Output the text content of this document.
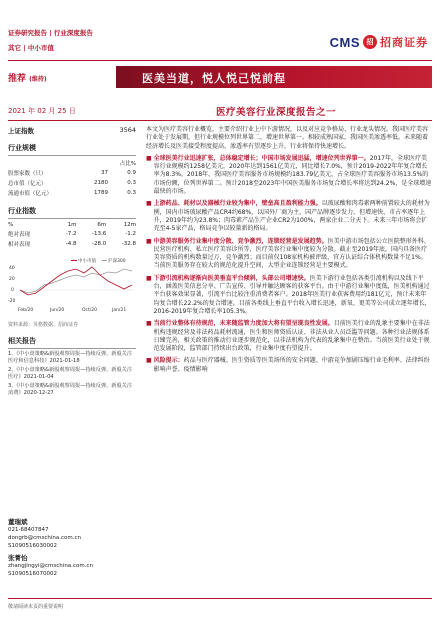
证券研究报告 | 行业深度报告
其它 | 中小市值	CMS 招 招商证券
推荐 (维持)	医美当道，悦人悦己悦前程
2021 年 02 月 25 日	医疗美容行业深度报告之一
上证指数	3564
行业规模
		占比%
股票家数（只）	37	0.9
总市值（亿元）	2180	0.3
流通市值（亿元）	1789	0.3
行业指数
%	1m	6m	12m
绝对表现	-7.2	-13.6	-1.2
相对表现	-4.8	-28.0	-32.8
中小市值	沪深300
40
20
0
-20
Feb/20	Jun/20	Oct/20	Jan/21
资料来源：贝格数据、招商证券
相关报告
1、《中小盘策略&新股观察周报—持续反弹，新股关注医疗和信息科技》2021-01-18
2、《中小盘策略&新股观察周报—持续反弹，新股关注医疗》2021-01-04
3、《中小盘策略&新股观察周报—持续反弹，新股关注消费》2020-12-27
董瑞斌
021-68407847
dongrb@cmschina.com.cn
S1090516030002
张菁怡
zhangjingyi@cmschina.com.cn
S1090516070002

本文为医疗美容行业概览，主要介绍行业上中下游情况，以及对应竞争格局、行业龙头情况。我国医疗美容行业处于发展期，但行业规模位列世界第二，增速世界第一。相较成熟国家，我国医美渗透率低。未来随着经济增长及医美接受程度提高，渗透率有望逐步上升，行业将保持快速增长。

■ 全球医美行业迅速扩张，总体稳定增长；中国市场发展迅猛，增速位列世界第一。2017年，全球医疗美容行业规模约1258亿美元，2020年达到1561亿美元，同比增长7.0%，预计2019-2022年年复合增长率为8.3%。2018年，我国医疗美容服务市场规模约183.79亿美元，占全球医疗美容服务市场13.5%的市场份额，位列世界第二。预计2018至2023年中国医美服务市场复合增长率将达到24.2%，是全球增速最快的市场。
■ 上游药品、耗材以及器械行业较为集中，壁垒高且盈利能力强。以玻尿酸和肉毒素两种前置较大的耗材为例，国内市场玻尿酸产品CR4约68%，以国外厂商为主，国产品牌逐步发力，但增速快，市占率逐年上升，2019年约为23.8%；肉毒素产品生产企业CR2为100%，两家企业二分天下。未来三年市场将会扩充至4-5家产品，格局竞争以较量新的格局。
■ 中游美容服务行业集中度分散、竞争激烈，连锁经营是发展趋势。医美中游市场包括公立医院整形外科、民营医疗机构、私立医疗美容诊所等，医疗美容行业集中度较为分散。截止至2019年底，国内具备医疗美容资质的机构数量过万，竞争激烈；而目前仅108家机构被评级，官方认证综合体机构数量不足1%。当前医美服务存在较大的规范化提升空间，大型企业连锁经营是主要模式。
■ 下游引流机构逐渐向医美垂直平台倾斜，头部公司增速快。医美下游行业包括各类引流机构以及线下平台，涵盖医美信息分享、广告宣传、引导并触达顾客的获客平台。由于中游行业集中度低，医美机构通过平台获客效果显著，引流平台比较注重消费者客户。2018年医美行业获客费用约181亿元，预计未来年均复合增长22.2%的复合增速。目前各类线上垂直平台收入增长迅速，新氧、更美等公司成立逐年增长，2016-2019年复合增长率105.3%。
■ 当前行业整体有待规范，未来随监管力度加大将有望呈现良性发展。目前医美行业的乱象主要集中在非法机构违规经营及非法药品耗材流通，医生和医师资质认证、非法从业人员泛滥等问题。各种行业法规体系日臻完善，相关政策的推动行业逐步规范化，以非法机构为代表的乱象集中在整治。当前医美行业处于规范发展阶段，监管部门持续出台政策，行业集中度有望提升。
■ 风险提示：药品与医疗器械、医生资质等医美场所的安全问题、中游竞争加剧压缩行业毛利率、法律纠纷影响声誉、疫情影响
敬请阅读末页的重要说明
